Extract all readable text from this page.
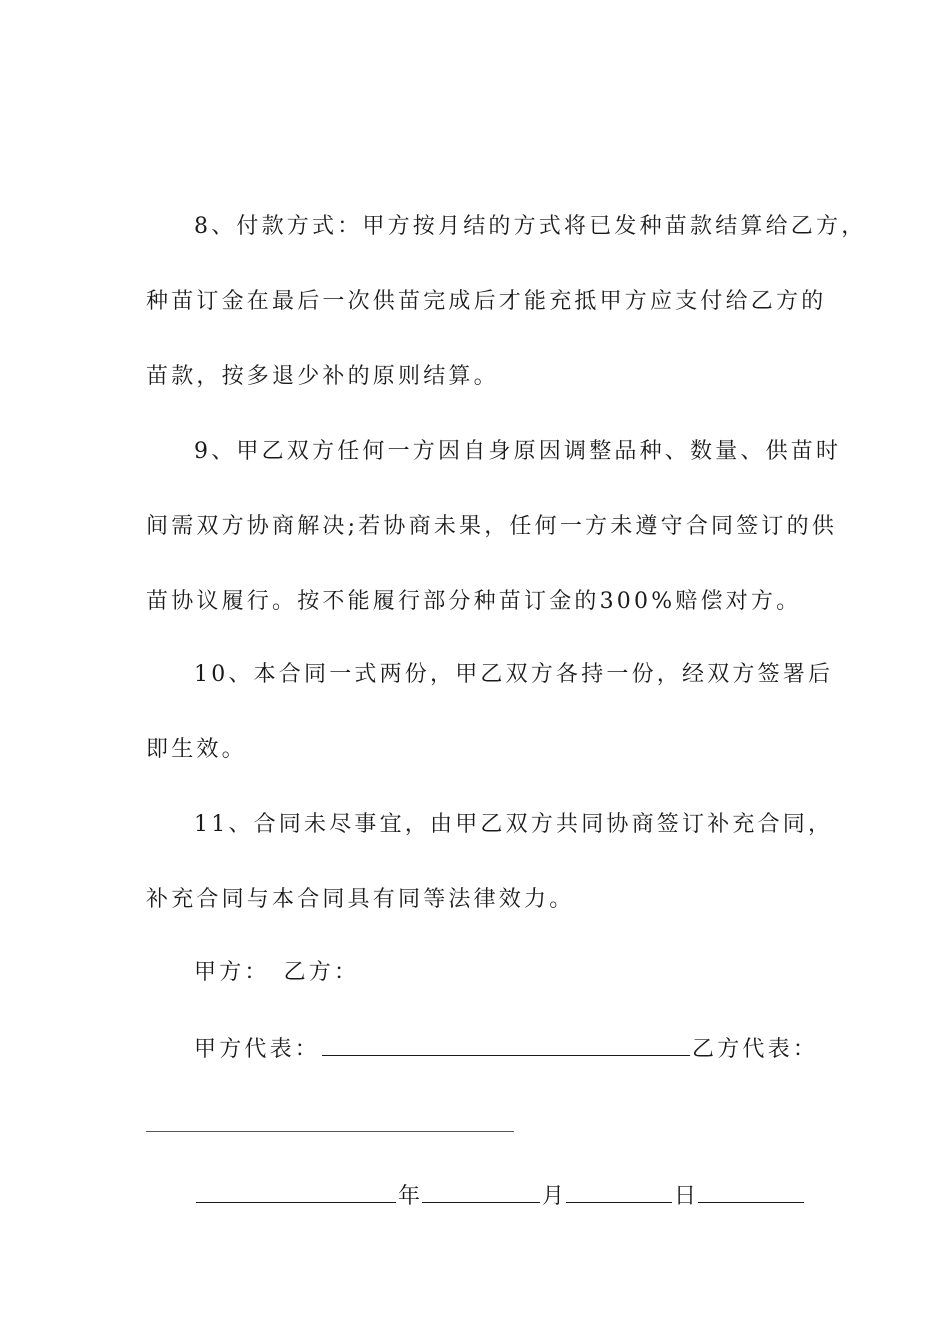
8、付款方式：甲方按月结的方式将已发种苗款结算给乙方，
种苗订金在最后一次供苗完成后才能充抵甲方应支付给乙方的
苗款，按多退少补的原则结算。
9、甲乙双方任何一方因自身原因调整品种、数量、供苗时
间需双方协商解决;若协商未果，任何一方未遵守合同签订的供
苗协议履行。按不能履行部分种苗订金的300%赔偿对方。
10、本合同一式两份，甲乙双方各持一份，经双方签署后
即生效。
11、合同未尽事宜，由甲乙双方共同协商签订补充合同，
补充合同与本合同具有同等法律效力。
甲方： 乙方：
甲方代表：	乙方代表：
年	月	日
